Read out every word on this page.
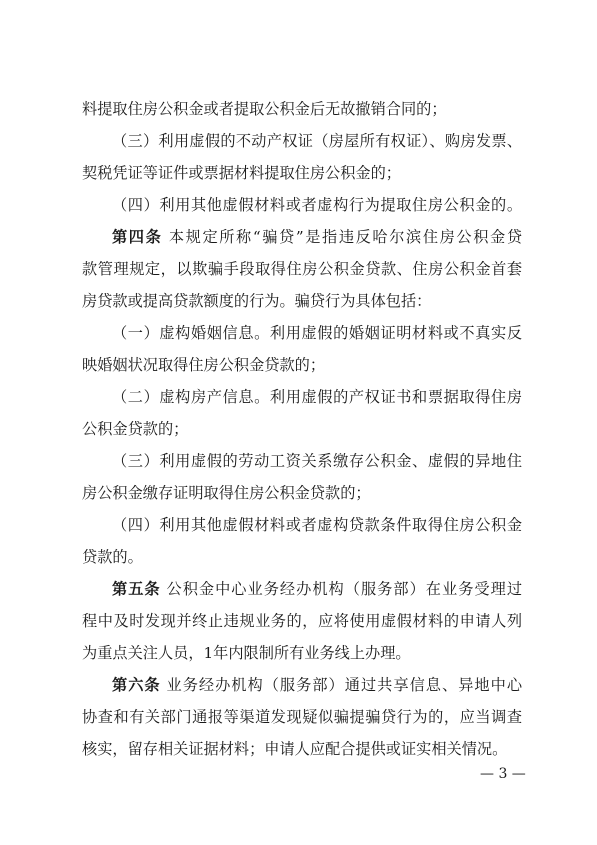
料提取住房公积金或者提取公积金后无故撤销合同的；
（三）利用虚假的不动产权证（房屋所有权证）、购房发票、
契税凭证等证件或票据材料提取住房公积金的；
（四）利用其他虚假材料或者虚构行为提取住房公积金的。
第四条 本规定所称“骗贷”是指违反哈尔滨住房公积金贷
款管理规定，以欺骗手段取得住房公积金贷款、住房公积金首套
房贷款或提高贷款额度的行为。骗贷行为具体包括：
（一）虚构婚姻信息。利用虚假的婚姻证明材料或不真实反
映婚姻状况取得住房公积金贷款的；
（二）虚构房产信息。利用虚假的产权证书和票据取得住房
公积金贷款的；
（三）利用虚假的劳动工资关系缴存公积金、虚假的异地住
房公积金缴存证明取得住房公积金贷款的；
（四）利用其他虚假材料或者虚构贷款条件取得住房公积金
贷款的。
第五条 公积金中心业务经办机构（服务部）在业务受理过
程中及时发现并终止违规业务的，应将使用虚假材料的申请人列
为重点关注人员，1年内限制所有业务线上办理。
第六条 业务经办机构（服务部）通过共享信息、异地中心
协查和有关部门通报等渠道发现疑似骗提骗贷行为的，应当调查
核实，留存相关证据材料；申请人应配合提供或证实相关情况。
— 3 —
